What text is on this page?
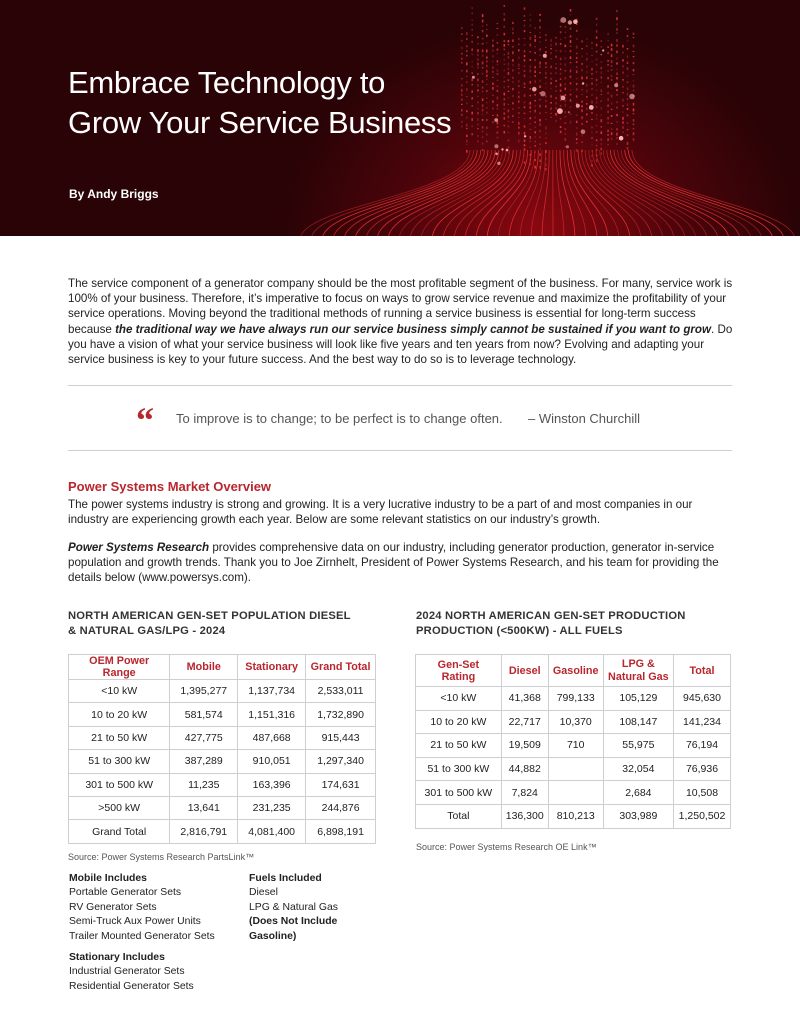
Embrace Technology to
Grow Your Service Business
By Andy Briggs

The service component of a generator company should be the most profitable segment of the business. For many, service work is 100% of your business. Therefore, it’s imperative to focus on ways to grow service revenue and maximize the profitability of your service operations. Moving beyond the traditional methods of running a service business is essential for long-term success because the traditional way we have always run our service business simply cannot be sustained if you want to grow. Do you have a vision of what your service business will look like five years and ten years from now? Evolving and adapting your service business is key to your future success. And the best way to do so is to leverage technology.

“ To improve is to change; to be perfect is to change often. – Winston Churchill
Power Systems Market Overview

The power systems industry is strong and growing. It is a very lucrative industry to be a part of and most companies in our industry are experiencing growth each year. Below are some relevant statistics on our industry’s growth.

Power Systems Research provides comprehensive data on our industry, including generator production, generator in-service population and growth trends. Thank you to Joe Zirnhelt, President of Power Systems Research, and his team for providing the details below (www.powersys.com).

NORTH AMERICAN GEN-SET POPULATION DIESEL
& NATURAL GAS/LPG - 2024
OEM Power Range	Mobile	Stationary	Grand Total
<10 kW	1,395,277	1,137,734	2,533,011
10 to 20 kW	581,574	1,151,316	1,732,890
21 to 50 kW	427,775	487,668	915,443
51 to 300 kW	387,289	910,051	1,297,340
301 to 500 kW	11,235	163,396	174,631
>500 kW	13,641	231,235	244,876
Grand Total	2,816,791	4,081,400	6,898,191
Source: Power Systems Research PartsLink™
2024 NORTH AMERICAN GEN-SET PRODUCTION
PRODUCTION (<500KW) - ALL FUELS
Gen-Set Rating	Diesel	Gasoline	LPG & Natural Gas	Total
<10 kW	41,368	799,133	105,129	945,630
10 to 20 kW	22,717	10,370	108,147	141,234
21 to 50 kW	19,509	710	55,975	76,194
51 to 300 kW	44,882		32,054	76,936
301 to 500 kW	7,824		2,684	10,508
Total	136,300	810,213	303,989	1,250,502
Source: Power Systems Research OE Link™
Mobile Includes
Portable Generator Sets
RV Generator Sets
Semi-Truck Aux Power Units
Trailer Mounted Generator Sets
Stationary Includes
Industrial Generator Sets
Residential Generator Sets
Fuels Included
Diesel
LPG & Natural Gas
(Does Not Include Gasoline)
